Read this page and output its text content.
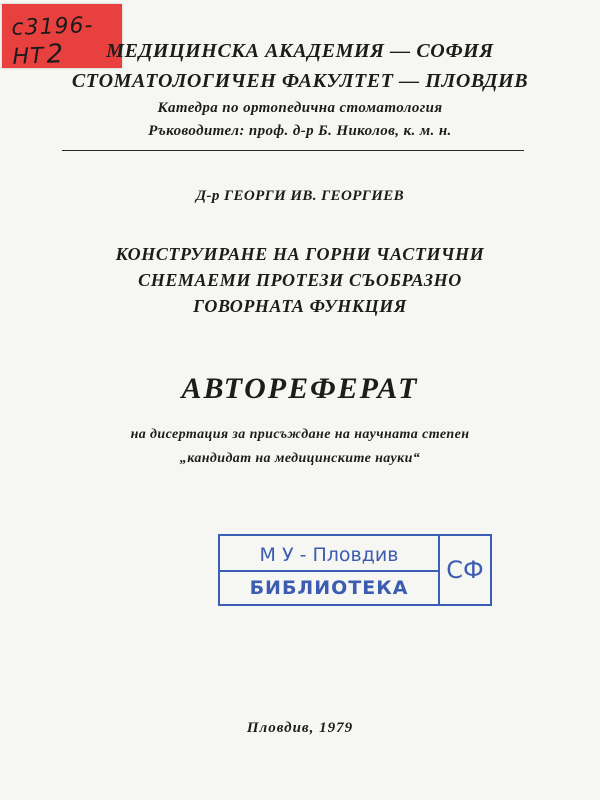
с3196-НТ2	МЕДИЦИНСКА АКАДЕМИЯ — СОФИЯ
СТОМАТОЛОГИЧЕН ФАКУЛТЕТ — ПЛОВДИВ
Катедра по ортопедична стоматология
Ръководител: проф. д-р Б. Николов, к. м. н.
Д-р ГЕОРГИ ИВ. ГЕОРГИЕВ
КОНСТРУИРАНЕ НА ГОРНИ ЧАСТИЧНИ
СНЕМАЕМИ ПРОТЕЗИ СЪОБРАЗНО
ГОВОРНАТА ФУНКЦИЯ
АВТОРЕФЕРАТ
на дисертация за присъждане на научната степен
„кандидат на медицинските науки“
М У - Пловдив
БИБЛИОТЕКА
СФ
Пловдив, 1979
